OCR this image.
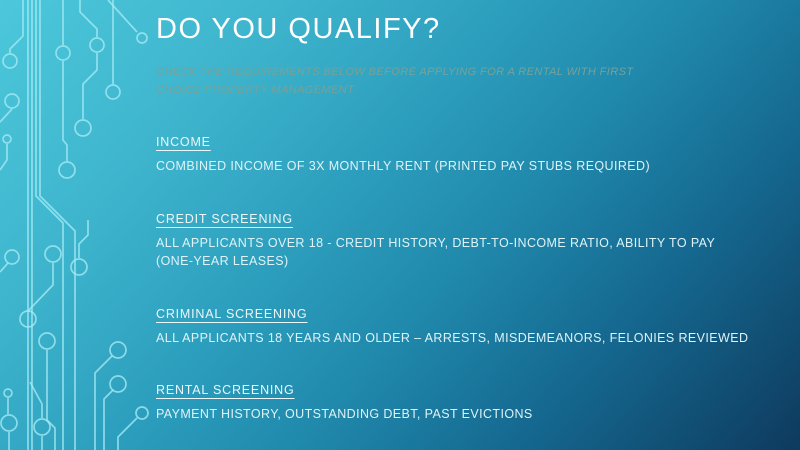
DO YOU QUALIFY?

CHECK THE REQUIREMENTS BELOW BEFORE APPLYING FOR A RENTAL WITH FIRST CHOICE PROPERTY MANAGEMENT

INCOME
COMBINED INCOME OF 3X MONTHLY RENT (PRINTED PAY STUBS REQUIRED)
CREDIT SCREENING
ALL APPLICANTS OVER 18 - CREDIT HISTORY, DEBT-TO-INCOME RATIO, ABILITY TO PAY (ONE-YEAR LEASES)
CRIMINAL SCREENING
ALL APPLICANTS 18 YEARS AND OLDER – ARRESTS, MISDEMEANORS, FELONIES REVIEWED
RENTAL SCREENING
PAYMENT HISTORY, OUTSTANDING DEBT, PAST EVICTIONS
